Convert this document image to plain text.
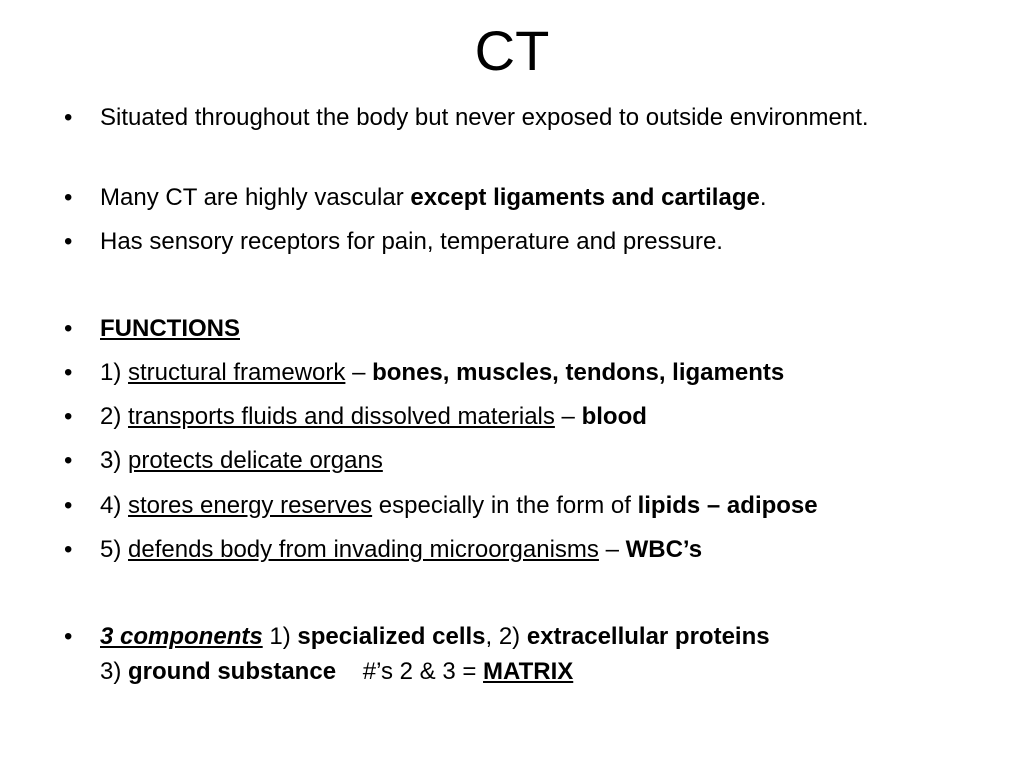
CT
•	Situated throughout the body but never exposed to outside environment.
•	Many CT are highly vascular except ligaments and cartilage.
•	Has sensory receptors for pain, temperature and pressure.
•	FUNCTIONS
•	1) structural framework – bones, muscles, tendons, ligaments
•	2) transports fluids and dissolved materials – blood
•	3) protects delicate organs
•	4) stores energy reserves especially in the form of lipids – adipose
•	5) defends body from invading microorganisms – WBC’s
•	3 components 1) specialized cells, 2) extracellular proteins
3) ground substance    #’s 2 & 3 = MATRIX
